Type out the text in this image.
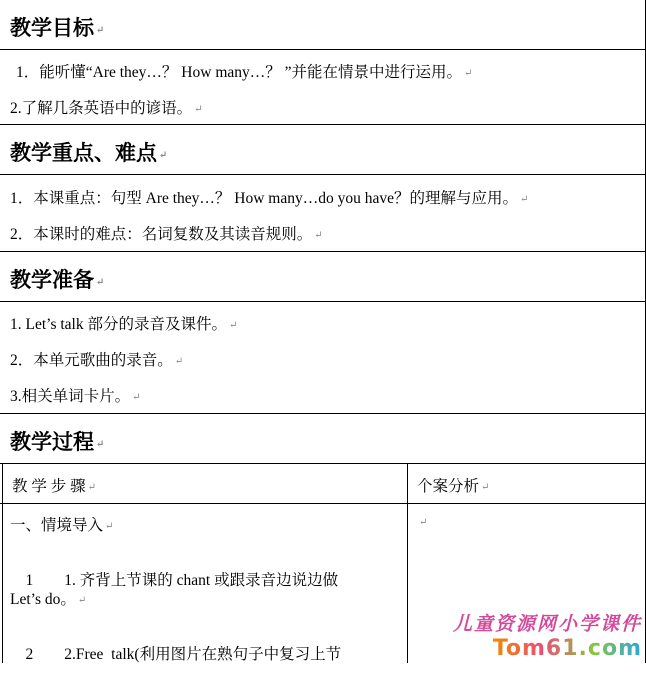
教学目标 ↵
1．能听懂“Are they…？ How many…？ ”并能在情景中进行运用。 ↵
2.了解几条英语中的谚语。 ↵
教学重点、难点 ↵
1．本课重点：句型 Are they…？ How many…do you have？的理解与应用。 ↵
2．本课时的难点：名词复数及其读音规则。 ↵
教学准备 ↵
1. Let’s talk 部分的录音及课件。 ↵
2．本单元歌曲的录音。 ↵
3.相关单词卡片。 ↵
教学过程 ↵
教 学 步 骤 ↵	个案分析 ↵
一、情境导入 ↵	↵

1        1. 齐背上节课的 chant 或跟录音边说边做

Let’s do。 ↵

2        2.Free  talk(利用图片在熟句子中复习上节

儿童资源网小学课件
Tom61.com
